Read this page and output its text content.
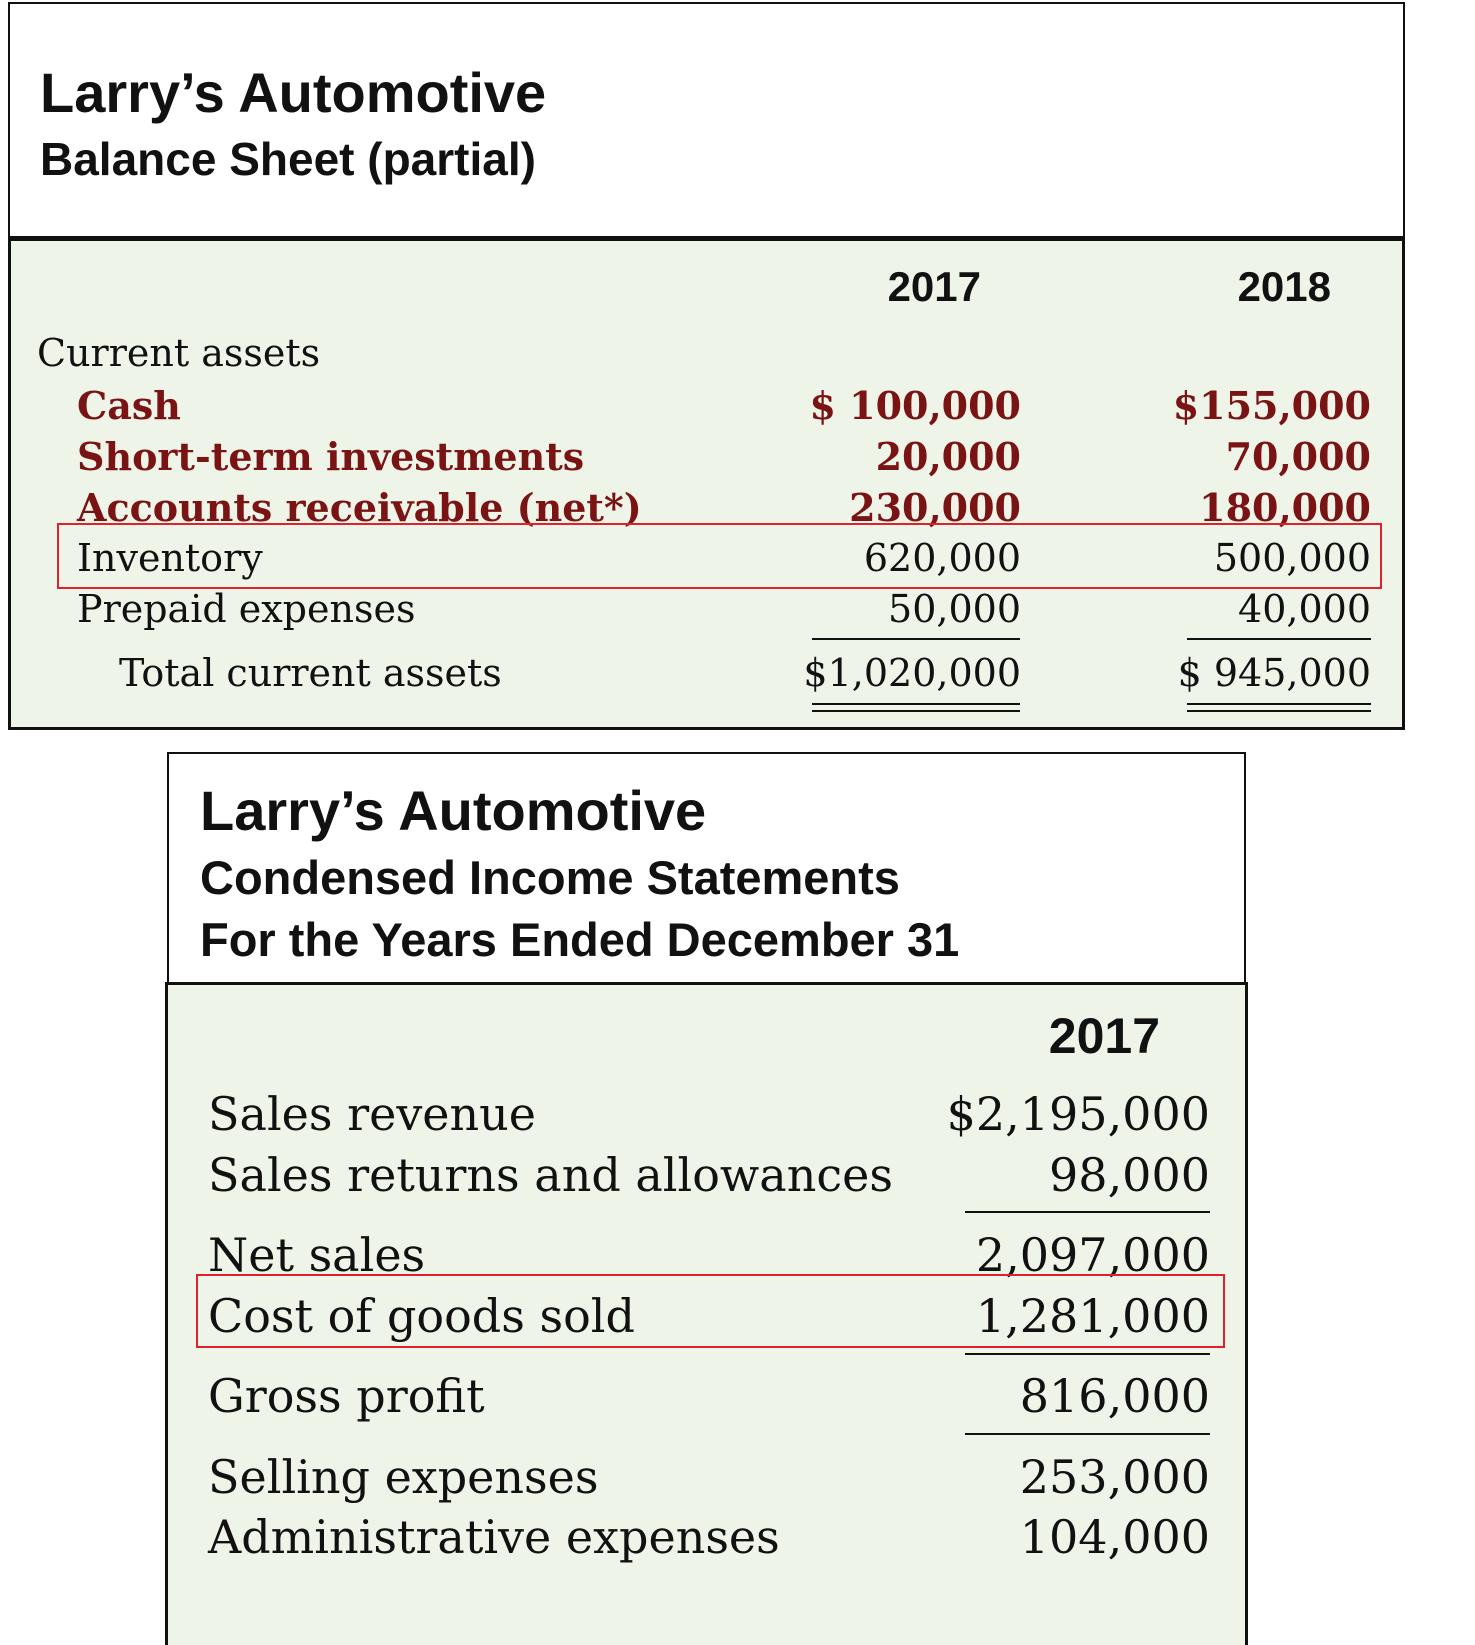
Larry’s Automotive
Balance Sheet (partial)
2017	2018
Current assets
Cash	$ 100,000	$155,000
Short-term investments	20,000	70,000
Accounts receivable (net*)	230,000	180,000
Inventory	620,000	500,000
Prepaid expenses	50,000	40,000
Total current assets	$1,020,000	$ 945,000
Larry’s Automotive
Condensed Income Statements
For the Years Ended December 31
2017
Sales revenue	$2,195,000
Sales returns and allowances	98,000
Net sales	2,097,000
Cost of goods sold	1,281,000
Gross profit	816,000
Selling expenses	253,000
Administrative expenses	104,000
